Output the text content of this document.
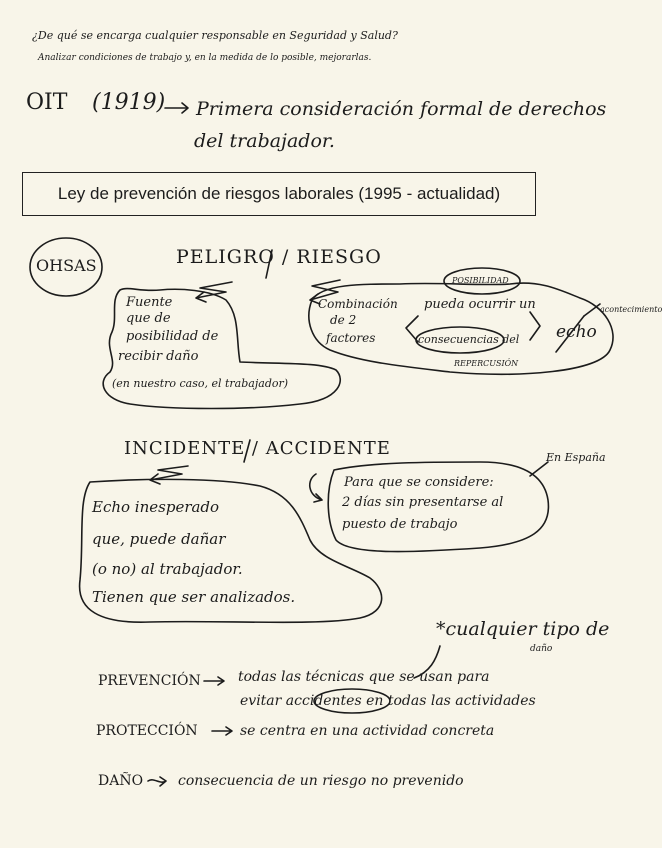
¿De qué se encarga cualquier responsable en Seguridad y Salud?
Analizar condiciones de trabajo y, en la medida de lo posible, mejorarlas.
OIT (1919) Primera consideración formal de derechos
del trabajador.
Ley de prevención de riesgos laborales (1995 - actualidad)
OHSAS	PELIGRO / RIESGO
Fuente
que de
posibilidad de
recibir daño
(en nuestro caso, el trabajador)
Combinación
de 2
factores
POSIBILIDAD
pueda ocurrir un
consecuencias del
REPERCUSIÓN
echo
acontecimiento
INCIDENTE / ACCIDENTE
Echo inesperado
que, puede dañar
(o no) al trabajador.
Tienen que ser analizados.
En España
Para que se considere:
2 días sin presentarse al
puesto de trabajo
*cualquier tipo de
daño
PREVENCIÓN	todas las técnicas que se usan para
evitar accidentes en todas las actividades
PROTECCIÓN	se centra en una actividad concreta
DAÑO consecuencia de un riesgo no prevenido
